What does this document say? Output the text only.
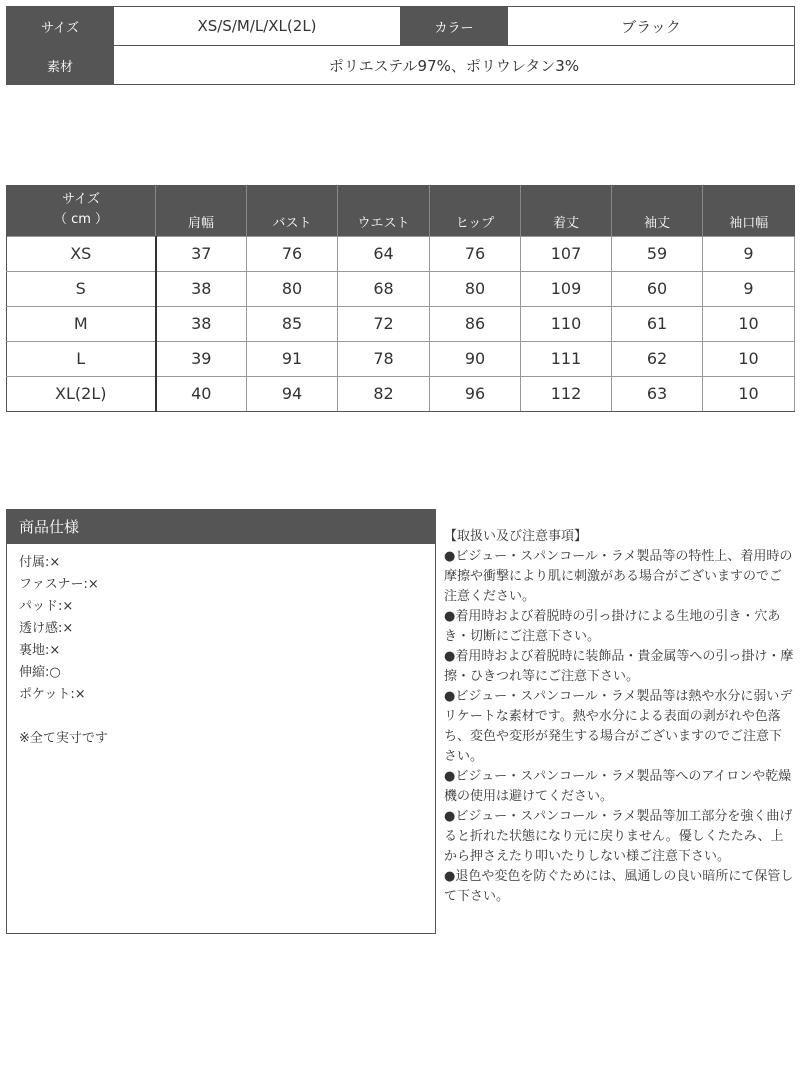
サイズ	XS/S/M/L/XL(2L)	カラー	ブラック
素材	ポリエステル97%、ポリウレタン3%		
サイズ
（ cm ）	肩幅	バスト	ウエスト	ヒップ	着丈	袖丈	袖口幅
XS	37	76	64	76	107	59	9
S	38	80	68	80	109	60	9
M	38	85	72	86	110	61	10
L	39	91	78	90	111	62	10
XL(2L)	40	94	82	96	112	63	10
商品仕様
付属:×
ファスナー:×
パッド:×
透け感:×
裏地:×
伸縮:○
ポケット:×
※全て実寸です

【取扱い及び注意事項】

●ビジュー・スパンコール・ラメ製品等の特性上、着用時の摩擦や衝撃により肌に刺激がある場合がございますのでご注意ください。

●着用時および着脱時の引っ掛けによる生地の引き・穴あき・切断にご注意下さい。

●着用時および着脱時に装飾品・貴金属等への引っ掛け・摩擦・ひきつれ等にご注意下さい。

●ビジュー・スパンコール・ラメ製品等は熱や水分に弱いデリケートな素材です。熱や水分による表面の剥がれや色落ち、変色や変形が発生する場合がございますのでご注意下さい。

●ビジュー・スパンコール・ラメ製品等へのアイロンや乾燥機の使用は避けてください。

●ビジュー・スパンコール・ラメ製品等加工部分を強く曲げると折れた状態になり元に戻りません。優しくたたみ、上から押さえたり叩いたりしない様ご注意下さい。

●退色や変色を防ぐためには、風通しの良い暗所にて保管して下さい。
